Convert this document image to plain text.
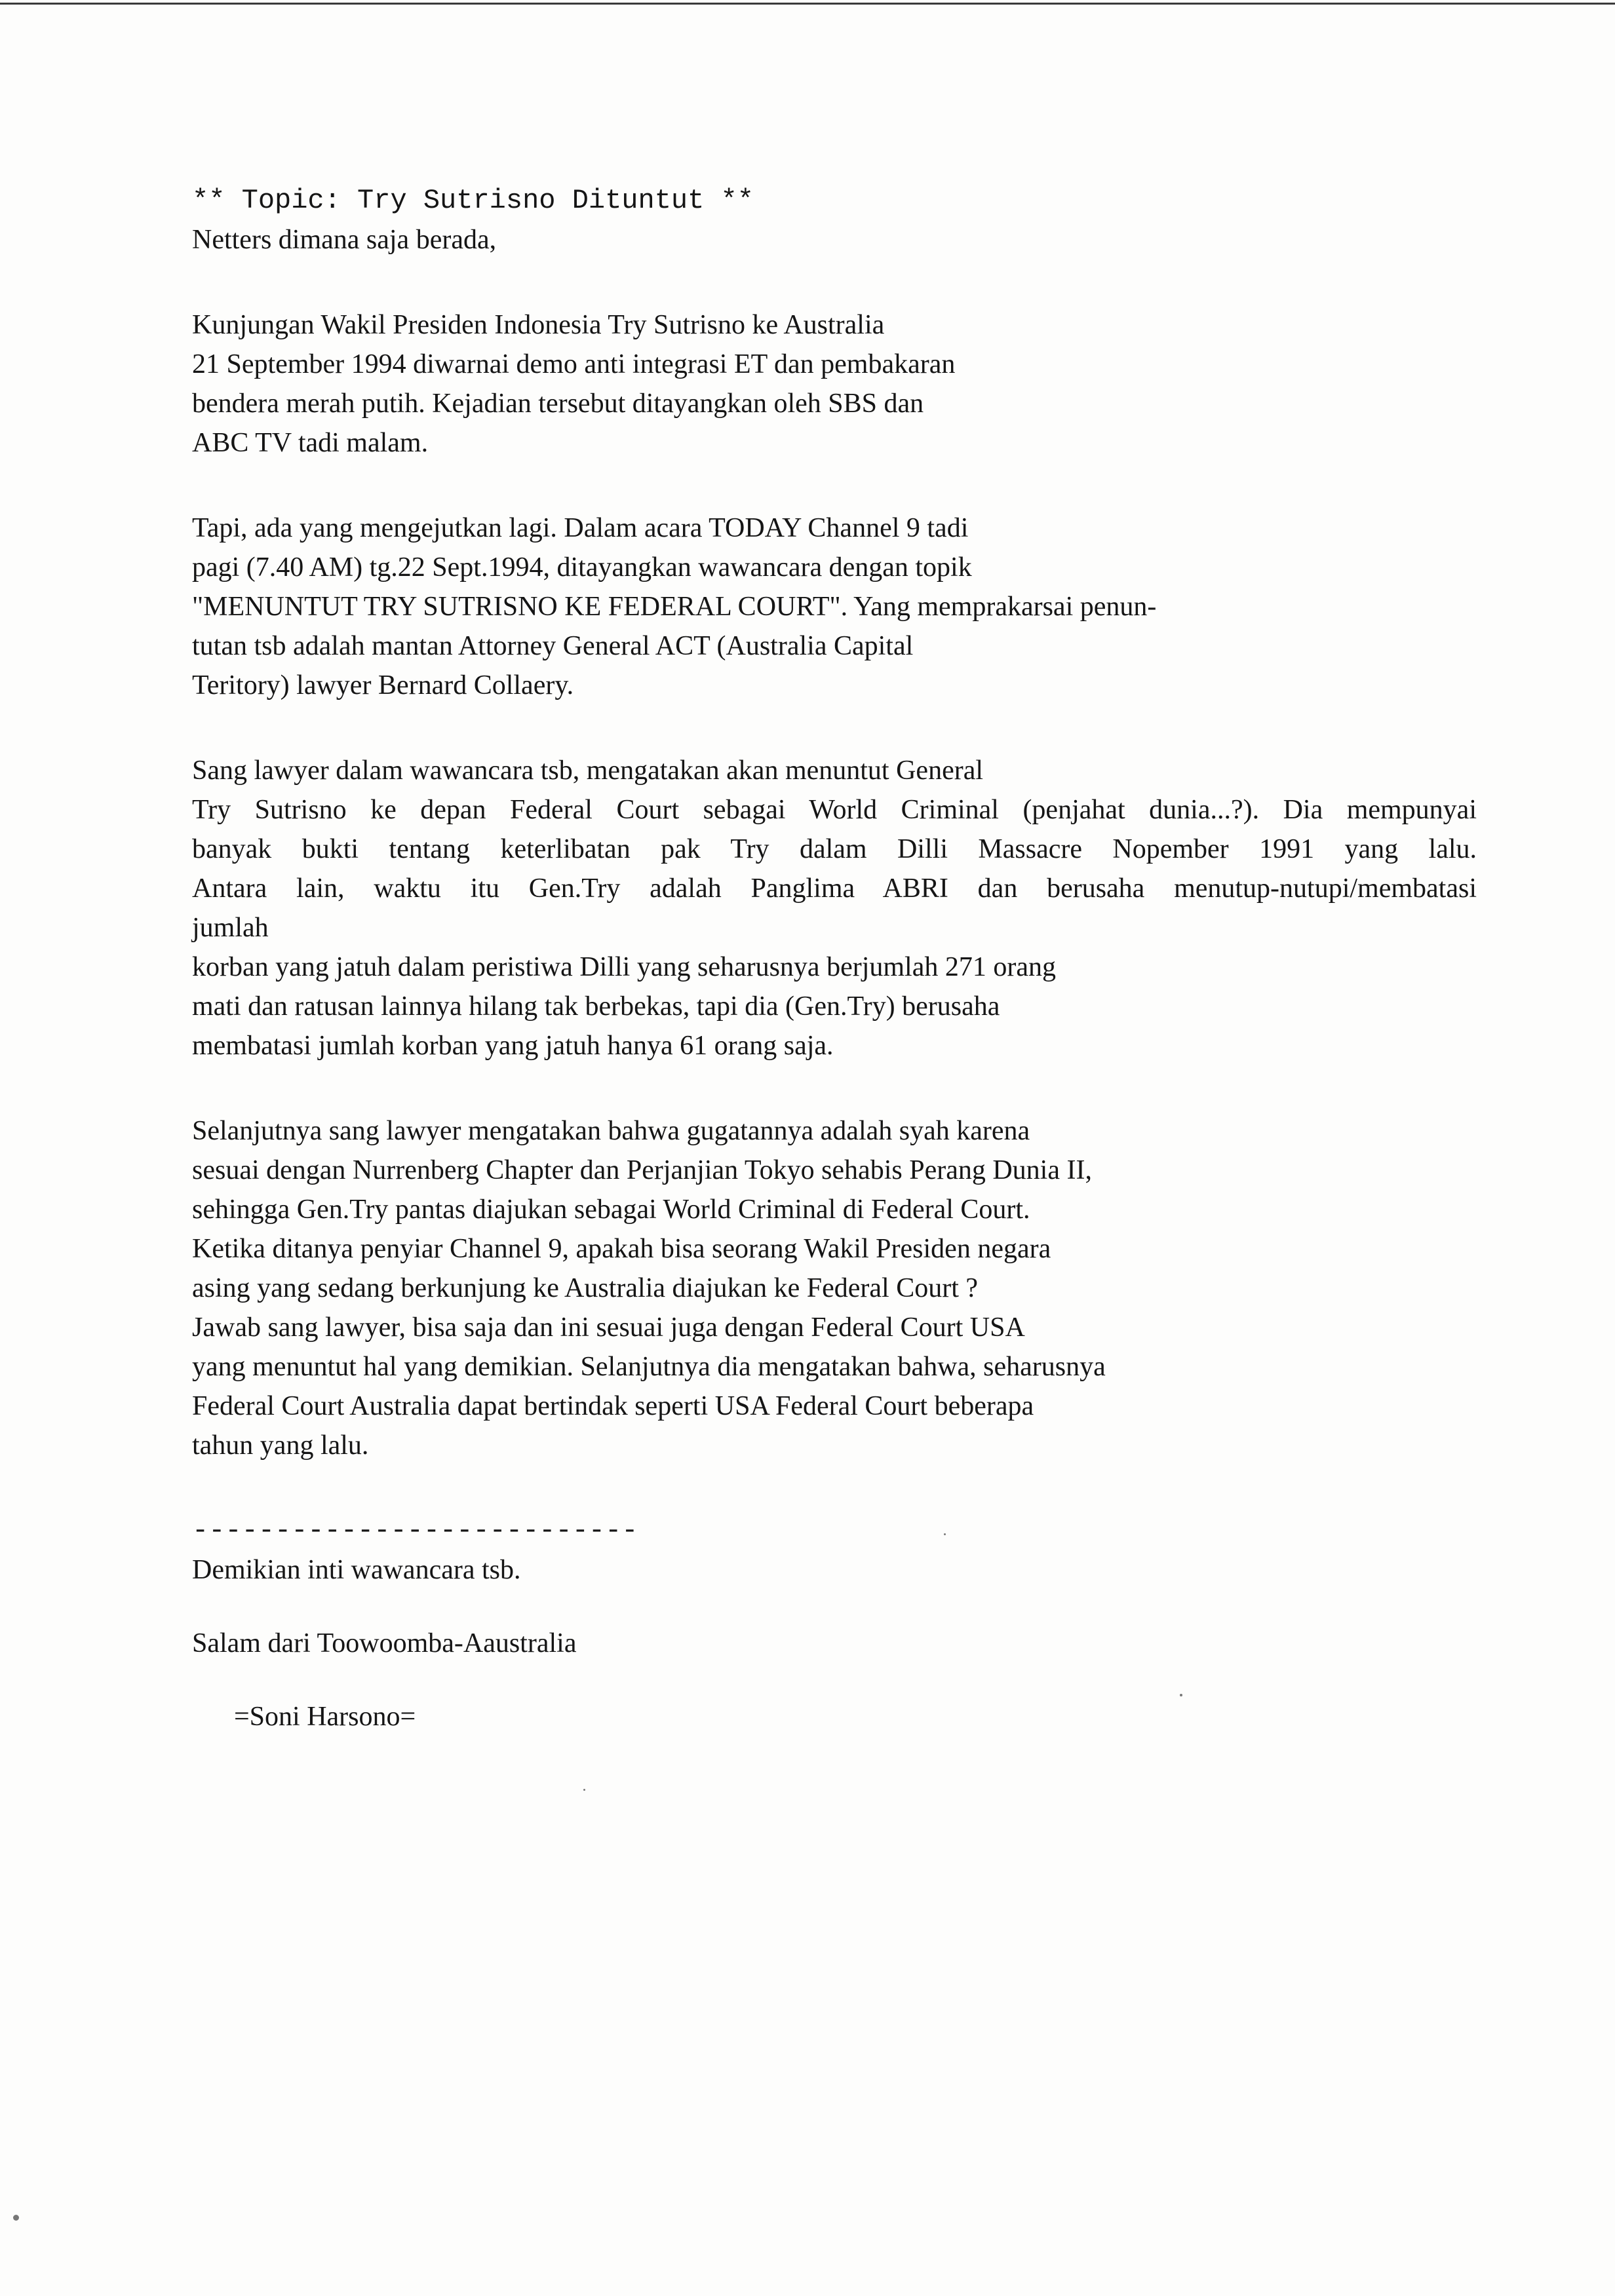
** Topic: Try Sutrisno Dituntut **
Netters dimana saja berada,
Kunjungan Wakil Presiden Indonesia Try Sutrisno ke Australia
21 September 1994 diwarnai demo anti integrasi ET dan pembakaran
bendera merah putih. Kejadian tersebut ditayangkan oleh SBS dan
ABC TV tadi malam.
Tapi, ada yang mengejutkan lagi. Dalam acara TODAY Channel 9 tadi
pagi (7.40 AM) tg.22 Sept.1994, ditayangkan wawancara dengan topik
"MENUNTUT TRY SUTRISNO KE FEDERAL COURT". Yang memprakarsai penun-
tutan tsb adalah mantan Attorney General ACT (Australia Capital
Teritory) lawyer Bernard Collaery.
Sang lawyer dalam wawancara tsb, mengatakan akan menuntut General
Try Sutrisno ke depan Federal Court sebagai World Criminal (penjahat dunia...?). Dia mempunyai
banyak bukti tentang keterlibatan pak Try dalam Dilli Massacre Nopember 1991 yang lalu.
Antara lain, waktu itu Gen.Try adalah Panglima ABRI dan berusaha menutup-nutupi/membatasi
jumlah
korban yang jatuh dalam peristiwa Dilli yang seharusnya berjumlah 271 orang
mati dan ratusan lainnya hilang tak berbekas, tapi dia (Gen.Try) berusaha
membatasi jumlah korban yang jatuh hanya 61 orang saja.
Selanjutnya sang lawyer mengatakan bahwa gugatannya adalah syah karena
sesuai dengan Nurrenberg Chapter dan Perjanjian Tokyo sehabis Perang Dunia II,
sehingga Gen.Try pantas diajukan sebagai World Criminal di Federal Court.
Ketika ditanya penyiar Channel 9, apakah bisa seorang Wakil Presiden negara
asing yang sedang berkunjung ke Australia diajukan ke Federal Court ?
Jawab sang lawyer, bisa saja dan ini sesuai juga dengan Federal Court USA
yang menuntut hal yang demikian. Selanjutnya dia mengatakan bahwa, seharusnya
Federal Court Australia dapat bertindak seperti USA Federal Court beberapa
tahun yang lalu.
---------------------------
Demikian inti wawancara tsb.
Salam dari Toowoomba-Aaustralia
=Soni Harsono=
